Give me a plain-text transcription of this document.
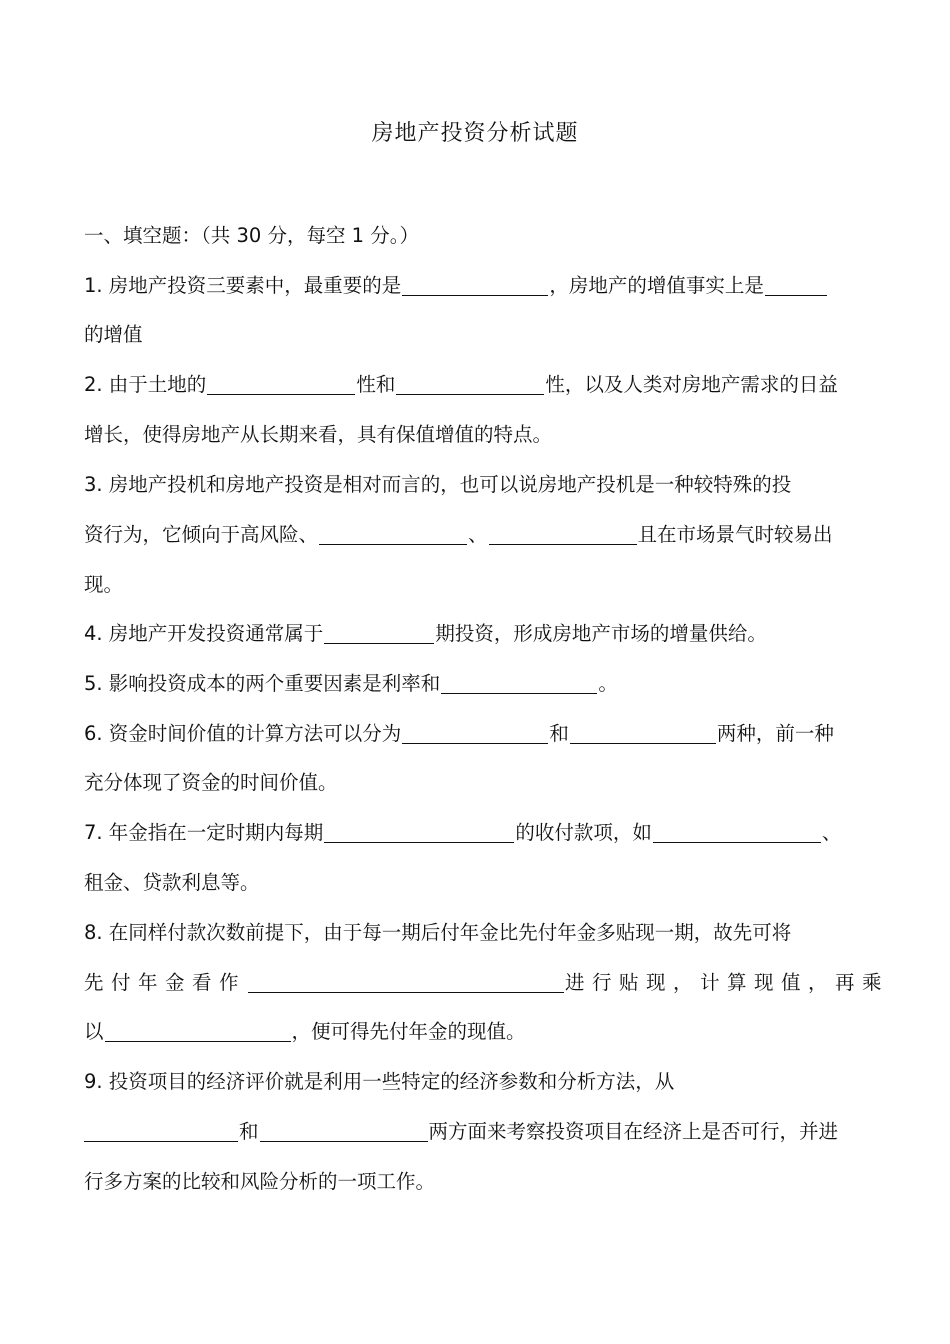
房地产投资分析试题
一、填空题：（共 30 分，每空 1 分。）
1. 房地产投资三要素中，最重要的是	，房地产的增值事实上是
的增值
2. 由于土地的	性和	性，以及人类对房地产需求的日益
增长，使得房地产从长期来看，具有保值增值的特点。
3. 房地产投机和房地产投资是相对而言的，也可以说房地产投机是一种较特殊的投
资行为，它倾向于高风险、	、	且在市场景气时较易出
现。
4. 房地产开发投资通常属于	期投资，形成房地产市场的增量供给。
5. 影响投资成本的两个重要因素是利率和	。
6. 资金时间价值的计算方法可以分为	和	两种，前一种
充分体现了资金的时间价值。
7. 年金指在一定时期内每期	的收付款项，如	、
租金、贷款利息等。
8. 在同样付款次数前提下，由于每一期后付年金比先付年金多贴现一期，故先可将
先付年金看作	进行贴现，计算现值，再乘
以	，便可得先付年金的现值。
9. 投资项目的经济评价就是利用一些特定的经济参数和分析方法，从
和	两方面来考察投资项目在经济上是否可行，并进
行多方案的比较和风险分析的一项工作。
